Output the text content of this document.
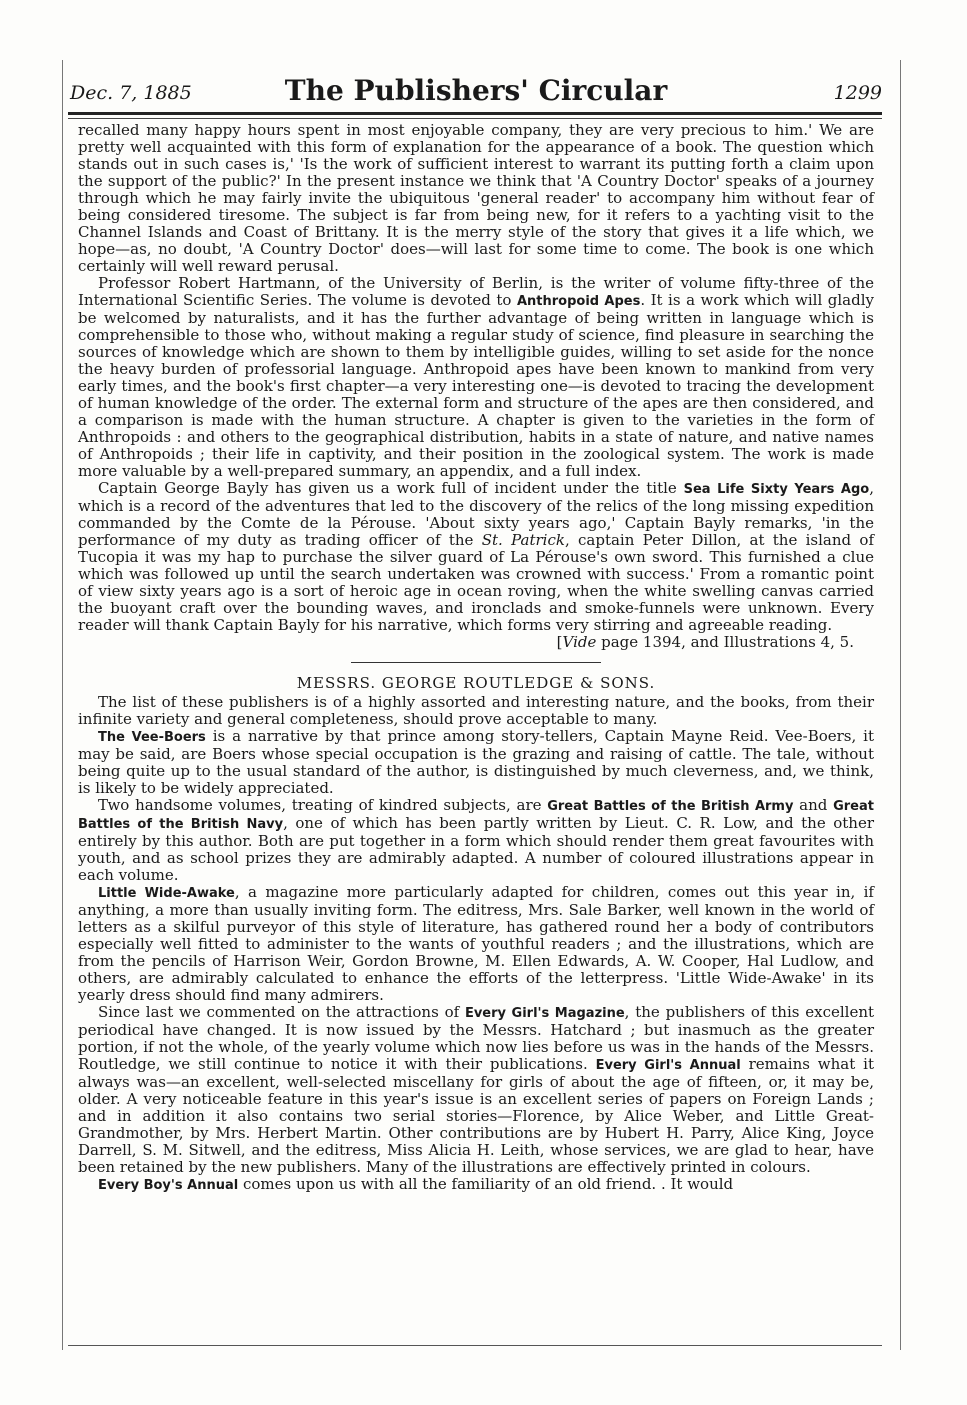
Dec. 7, 1885	The Publishers' Circular	1299

recalled many happy hours spent in most enjoyable company, they are very precious to him.' We are pretty well acquainted with this form of explanation for the appearance of a book. The question which stands out in such cases is,' 'Is the work of sufficient interest to warrant its putting forth a claim upon the support of the public?' In the present instance we think that 'A Country Doctor' speaks of a journey through which he may fairly invite the ubiquitous 'general reader' to accompany him without fear of being considered tiresome. The subject is far from being new, for it refers to a yachting visit to the Channel Islands and Coast of Brittany. It is the merry style of the story that gives it a life which, we hope—as, no doubt, 'A Country Doctor' does—will last for some time to come. The book is one which certainly will well reward perusal.

Professor Robert Hartmann, of the University of Berlin, is the writer of volume fifty-three of the International Scientific Series. The volume is devoted to Anthropoid Apes. It is a work which will gladly be welcomed by naturalists, and it has the further advantage of being written in language which is comprehensible to those who, without making a regular study of science, find pleasure in searching the sources of knowledge which are shown to them by intelligible guides, willing to set aside for the nonce the heavy burden of professorial language. Anthropoid apes have been known to mankind from very early times, and the book's first chapter—a very interesting one—is devoted to tracing the development of human knowledge of the order. The external form and structure of the apes are then considered, and a comparison is made with the human structure. A chapter is given to the varieties in the form of Anthropoids : and others to the geographical distribution, habits in a state of nature, and native names of Anthropoids ; their life in captivity, and their position in the zoological system. The work is made more valuable by a well-prepared summary, an appendix, and a full index.

Captain George Bayly has given us a work full of incident under the title Sea Life Sixty Years Ago, which is a record of the adventures that led to the discovery of the relics of the long missing expedition commanded by the Comte de la Pérouse. 'About sixty years ago,' Captain Bayly remarks, 'in the performance of my duty as trading officer of the St. Patrick, captain Peter Dillon, at the island of Tucopia it was my hap to purchase the silver guard of La Pérouse's own sword. This furnished a clue which was followed up until the search undertaken was crowned with success.' From a romantic point of view sixty years ago is a sort of heroic age in ocean roving, when the white swelling canvas carried the buoyant craft over the bounding waves, and ironclads and smoke-funnels were unknown. Every reader will thank Captain Bayly for his narrative, which forms very stirring and agreeable reading.

[Vide page 1394, and Illustrations 4, 5.

MESSRS. GEORGE ROUTLEDGE & SONS.

The list of these publishers is of a highly assorted and interesting nature, and the books, from their infinite variety and general completeness, should prove acceptable to many.

The Vee-Boers is a narrative by that prince among story-tellers, Captain Mayne Reid. Vee-Boers, it may be said, are Boers whose special occupation is the grazing and raising of cattle. The tale, without being quite up to the usual standard of the author, is distinguished by much cleverness, and, we think, is likely to be widely appreciated.

Two handsome volumes, treating of kindred subjects, are Great Battles of the British Army and Great Battles of the British Navy, one of which has been partly written by Lieut. C. R. Low, and the other entirely by this author. Both are put together in a form which should render them great favourites with youth, and as school prizes they are admirably adapted. A number of coloured illustrations appear in each volume.

Little Wide-Awake, a magazine more particularly adapted for children, comes out this year in, if anything, a more than usually inviting form. The editress, Mrs. Sale Barker, well known in the world of letters as a skilful purveyor of this style of literature, has gathered round her a body of contributors especially well fitted to administer to the wants of youthful readers ; and the illustrations, which are from the pencils of Harrison Weir, Gordon Browne, M. Ellen Edwards, A. W. Cooper, Hal Ludlow, and others, are admirably calculated to enhance the efforts of the letterpress. 'Little Wide-Awake' in its yearly dress should find many admirers.

Since last we commented on the attractions of Every Girl's Magazine, the publishers of this excellent periodical have changed. It is now issued by the Messrs. Hatchard ; but inasmuch as the greater portion, if not the whole, of the yearly volume which now lies before us was in the hands of the Messrs. Routledge, we still continue to notice it with their publications. Every Girl's Annual remains what it always was—an excellent, well-selected miscellany for girls of about the age of fifteen, or, it may be, older. A very noticeable feature in this year's issue is an excellent series of papers on Foreign Lands ; and in addition it also contains two serial stories—Florence, by Alice Weber, and Little Great-Grandmother, by Mrs. Herbert Martin. Other contributions are by Hubert H. Parry, Alice King, Joyce Darrell, S. M. Sitwell, and the editress, Miss Alicia H. Leith, whose services, we are glad to hear, have been retained by the new publishers. Many of the illustrations are effectively printed in colours.

Every Boy's Annual comes upon us with all the familiarity of an old friend. . It would
